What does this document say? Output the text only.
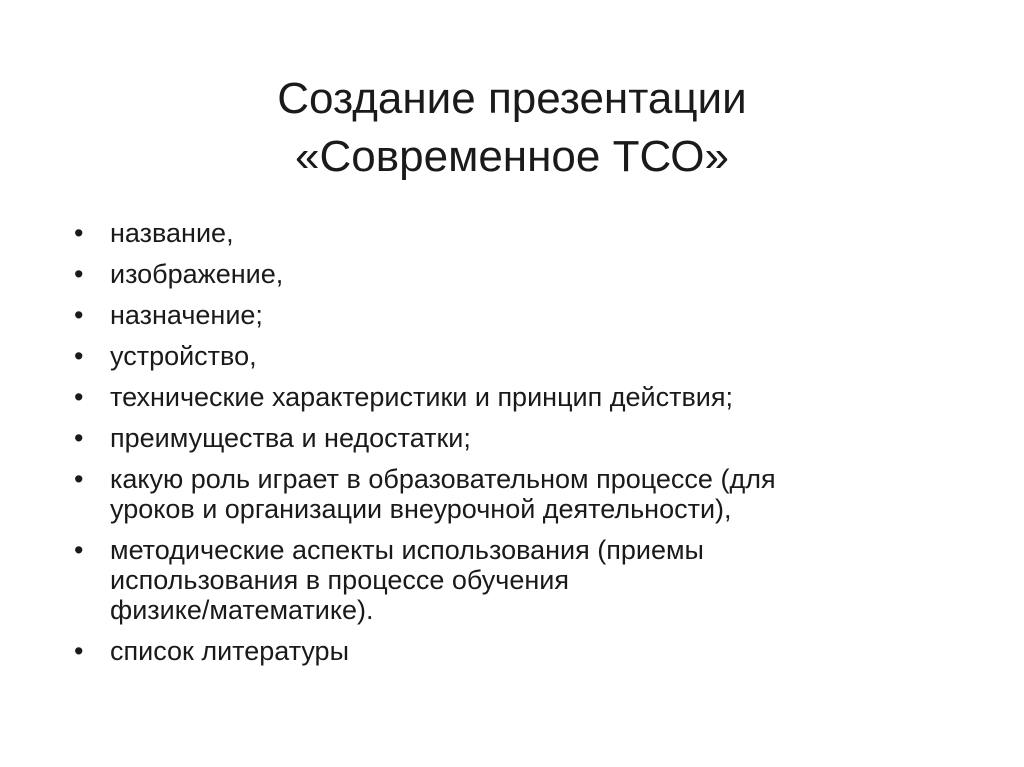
Создание презентации
«Современное ТСО»
• название,
• изображение,
• назначение;
• устройство,
• технические характеристики и принцип действия;
• преимущества и недостатки;
• какую роль играет в образовательном процессе (для
уроков и организации внеурочной деятельности),
• методические аспекты использования (приемы
использования в процессе обучения
физике/математике).
• список литературы
